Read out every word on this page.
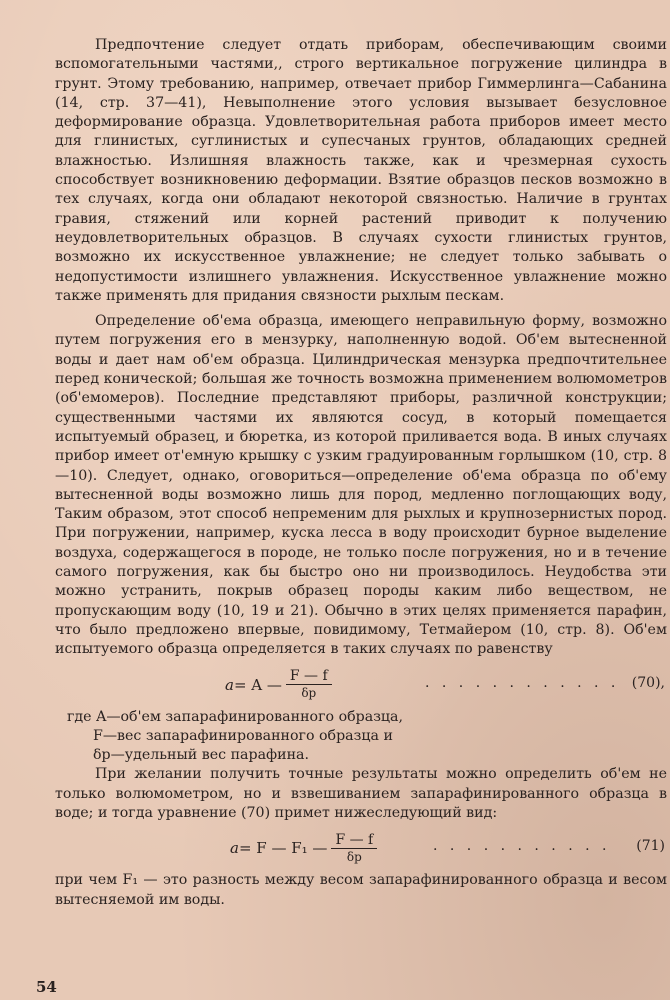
Предпочтение следует отдать приборам, обеспечивающим своими вспомогательными частями,, строго вертикальное погружение цилиндра в грунт. Этому требованию, например, отвечает прибор Гиммерлинга—Сабанина (14, стр. 37—41), Невыполнение этого условия вызывает безусловное деформирование образца. Удовлетворительная работа приборов имеет место для глинистых, суглинистых и супесчаных грунтов, обладающих средней влажностью. Излишняя влажность также, как и чрезмерная сухость способствует возникновению деформации. Взятие образцов песков возможно в тех случаях, когда они обладают некоторой связностью. Наличие в грунтах гравия, стяжений или корней растений приводит к получению неудовлетворительных образцов. В случаях сухости глинистых грунтов, возможно их искусственное увлажнение; не следует только забывать о недопустимости излишнего увлажнения. Искусственное увлажнение можно также применять для придания связности рыхлым пескам.

Определение об'ема образца, имеющего неправильную форму, возможно путем погружения его в мензурку, наполненную водой. Об'ем вытесненной воды и дает нам об'ем образца. Цилиндрическая мензурка предпочтительнее перед конической; большая же точность возможна применением волюмометров (об'емомеров). Последние представляют приборы, различной конструкции; существенными частями их являются сосуд, в который помещается испытуемый образец, и бюретка, из которой приливается вода. В иных случаях прибор имеет от'емную крышку с узким градуированным горлышком (10, стр. 8—10). Следует, однако, оговориться—определение об'ема образца по об'ему вытесненной воды возможно лишь для пород, медленно поглощающих воду, Таким образом, этот способ непременим для рыхлых и крупнозернистых пород. При погружении, например, куска лесса в воду происходит бурное выделение воздуха, содержащегося в породе, не только после погружения, но и в течение самого погружения, как бы быстро оно ни производилось. Неудобства эти можно устранить, покрыв образец породы каким либо веществом, не пропускающим воду (10, 19 и 21). Обычно в этих целях применяется парафин, что было предложено впервые, повидимому, Тетмайером (10, стр. 8). Об'ем испытуемого образца определяется в таких случаях по равенству

a = A — $\frac{F — f}{\delta p}$	. . . . . . . . . . . . (70),
где A—об'ем запарафинированного образца,
F—вес запарафинированного образца и
δp—удельный вес парафина.

При желании получить точные результаты можно определить об'ем не только волюмометром, но и взвешиванием запарафинированного образца в воде; и тогда уравнение (70) примет нижеследующий вид:

a = F — F₁ — $\frac{F — f}{\delta p}$	. . . . . . . . . . . (71)

при чем F₁ — это разность между весом запарафинированного образца и весом вытесняемой им воды.

54
